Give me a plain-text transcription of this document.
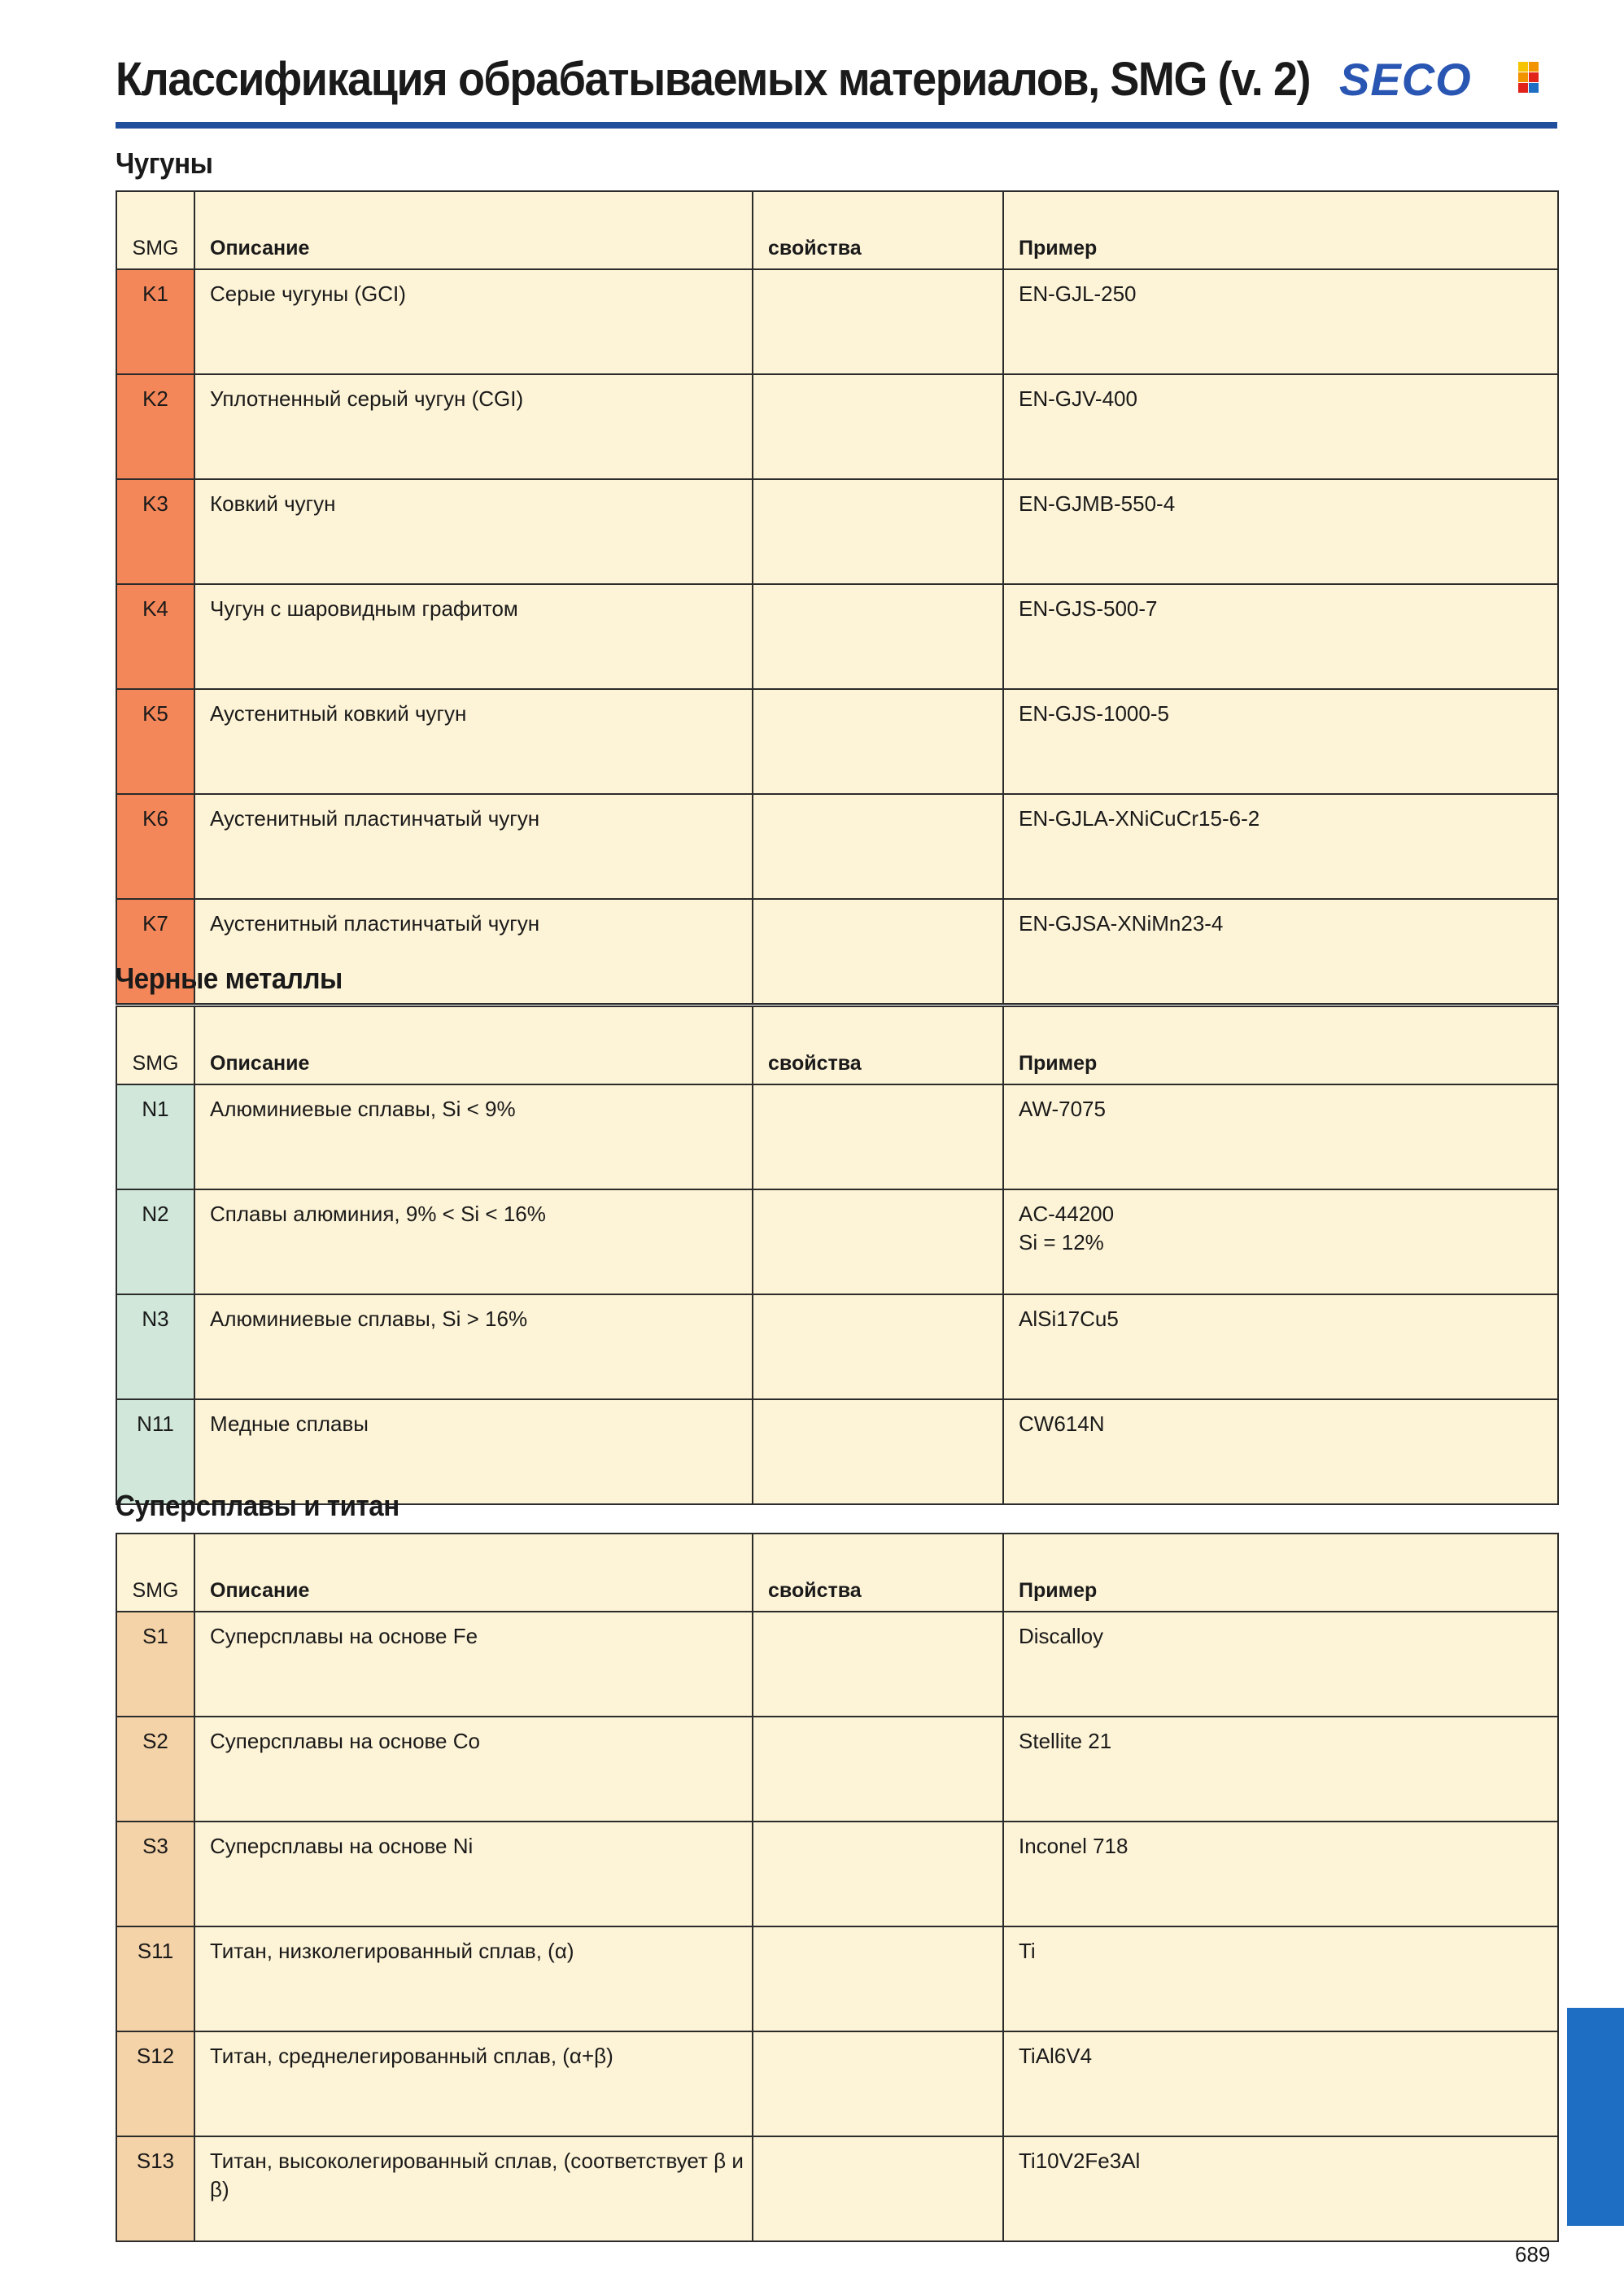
Классификация обрабатываемых материалов, SMG (v. 2) SECO
Чугуны
SMG	Описание	свойства	Пример
K1	Серые чугуны (GCI)		EN-GJL-250
K2	Уплотненный серый чугун (CGI)		EN-GJV-400
K3	Ковкий чугун		EN-GJMB-550-4
K4	Чугун с шаровидным графитом		EN-GJS-500-7
K5	Аустенитный ковкий чугун		EN-GJS-1000-5
K6	Аустенитный пластинчатый чугун		EN-GJLA-XNiCuCr15-6-2
K7	Аустенитный пластинчатый чугун		EN-GJSA-XNiMn23-4
Черные металлы
SMG	Описание	свойства	Пример
N1	Алюминиевые сплавы, Si < 9%		AW-7075
N2	Сплавы алюминия, 9% < Si < 16%		AC-44200
Si = 12%
N3	Алюминиевые сплавы, Si > 16%		AlSi17Cu5
N11	Медные сплавы		CW614N
Суперсплавы и титан
SMG	Описание	свойства	Пример
S1	Суперсплавы на основе Fe		Discalloy
S2	Суперсплавы на основе Co		Stellite 21
S3	Суперсплавы на основе Ni		Inconel 718
S11	Титан, низколегированный сплав, (α)		Ti
S12	Титан, среднелегированный сплав, (α+β)		TiAl6V4
S13	Титан, высоколегированный сплав, (соответствует β и β)		Ti10V2Fe3Al
689
